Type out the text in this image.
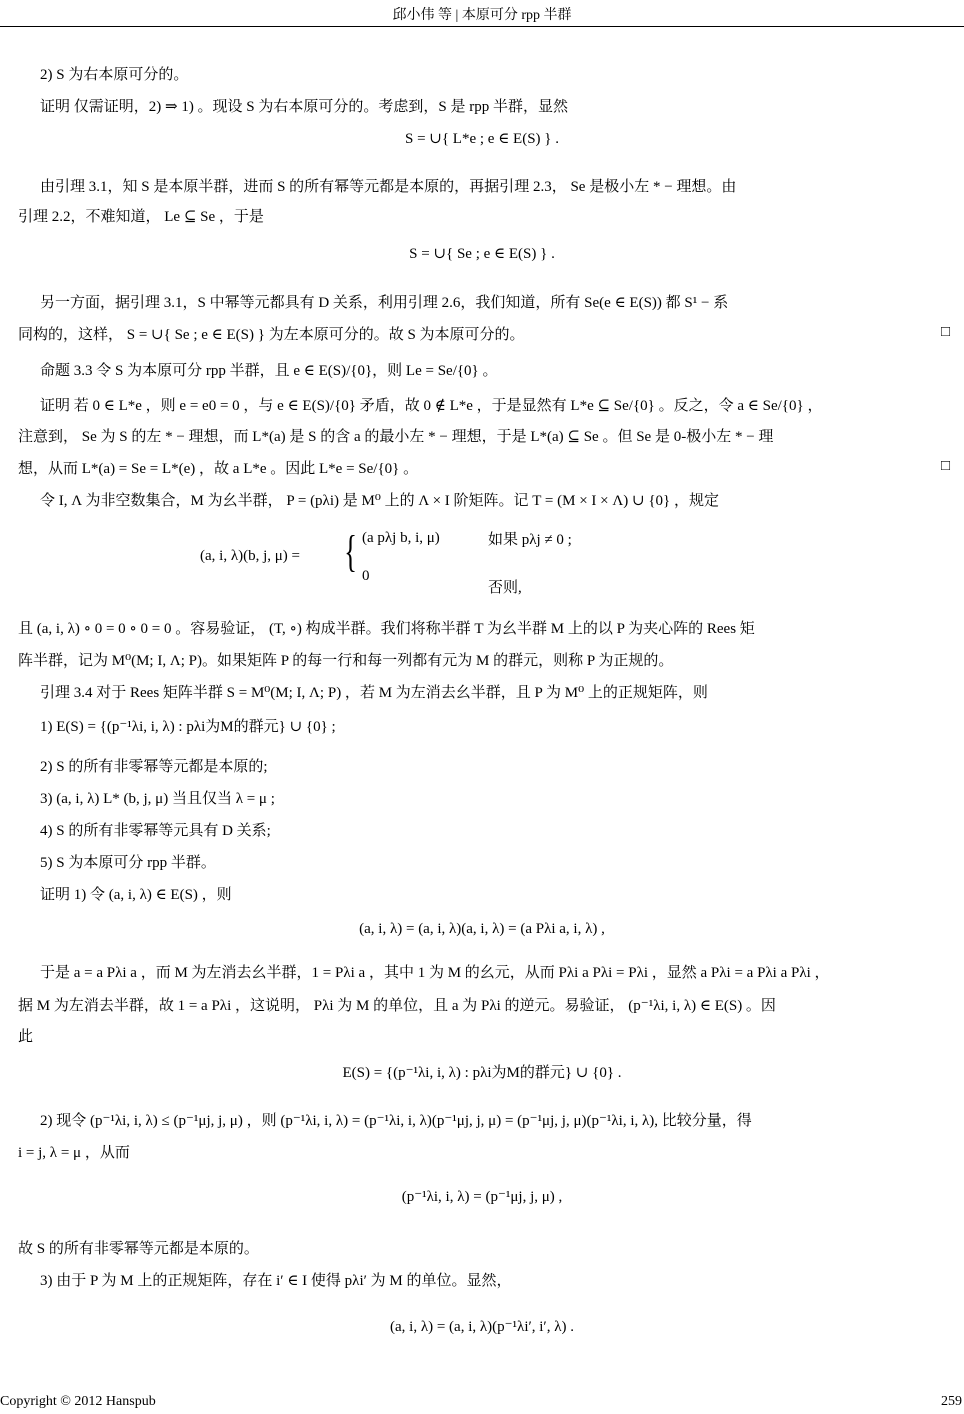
邱小伟 等 | 本原可分 rpp 半群
2) S 为右本原可分的。
证明 仅需证明，2) ⇒ 1) 。现设 S 为右本原可分的。考虑到，S 是 rpp 半群，显然
S = ∪{ L*e ; e ∈ E(S) } .
由引理 3.1，知 S 是本原半群，进而 S 的所有幂等元都是本原的，再据引理 2.3， Se 是极小左 * − 理想。由
引理 2.2，不难知道， Le ⊆ Se ，于是
S = ∪{ Se ; e ∈ E(S) } .
另一方面，据引理 3.1，S 中幂等元都具有 D 关系，利用引理 2.6，我们知道，所有 Se(e ∈ E(S)) 都 S¹ − 系
同构的，这样， S = ∪{ Se ; e ∈ E(S) } 为左本原可分的。故 S 为本原可分的。	□
命题 3.3 令 S 为本原可分 rpp 半群，且 e ∈ E(S)/{0}，则 Le = Se/{0} 。
证明 若 0 ∈ L*e ，则 e = e0 = 0 ，与 e ∈ E(S)/{0} 矛盾，故 0 ∉ L*e ，于是显然有 L*e ⊆ Se/{0} 。反之，令 a ∈ Se/{0} ，
注意到， Se 为 S 的左 * − 理想，而 L*(a) 是 S 的含 a 的最小左 * − 理想，于是 L*(a) ⊆ Se 。但 Se 是 0-极小左 * − 理
想，从而 L*(a) = Se = L*(e) ，故 a L*e 。因此 L*e = Se/{0} 。	□
令 I, Λ 为非空数集合，M 为幺半群， P = (pλi) 是 M⁰ 上的 Λ × I 阶矩阵。记 T = (M × I × Λ) ∪ {0} ，规定
(a, i, λ)(b, j, μ) = { (a pλj b, i, μ)	如果 pλj ≠ 0 ;
0
否则,
且 (a, i, λ) ∘ 0 = 0 ∘ 0 = 0 。容易验证， (T, ∘) 构成半群。我们将称半群 T 为幺半群 M 上的以 P 为夹心阵的 Rees 矩
阵半群，记为 M⁰(M; I, Λ; P)。如果矩阵 P 的每一行和每一列都有元为 M 的群元，则称 P 为正规的。
引理 3.4 对于 Rees 矩阵半群 S = M⁰(M; I, Λ; P) ，若 M 为左消去幺半群，且 P 为 M⁰ 上的正规矩阵，则
1) E(S) = {(p⁻¹λi, i, λ) : pλi为M的群元} ∪ {0} ;
2) S 的所有非零幂等元都是本原的;
3) (a, i, λ) L* (b, j, μ) 当且仅当 λ = μ ;
4) S 的所有非零幂等元具有 D 关系;
5) S 为本原可分 rpp 半群。
证明 1) 令 (a, i, λ) ∈ E(S) ，则
(a, i, λ) = (a, i, λ)(a, i, λ) = (a Pλi a, i, λ) ,
于是 a = a Pλi a ，而 M 为左消去幺半群，1 = Pλi a ，其中 1 为 M 的幺元，从而 Pλi a Pλi = Pλi ，显然 a Pλi = a Pλi a Pλi ，
据 M 为左消去半群，故 1 = a Pλi ，这说明， Pλi 为 M 的单位，且 a 为 Pλi 的逆元。易验证， (p⁻¹λi, i, λ) ∈ E(S) 。因
此
E(S) = {(p⁻¹λi, i, λ) : pλi为M的群元} ∪ {0} .
2) 现令 (p⁻¹λi, i, λ) ≤ (p⁻¹μj, j, μ) ，则 (p⁻¹λi, i, λ) = (p⁻¹λi, i, λ)(p⁻¹μj, j, μ) = (p⁻¹μj, j, μ)(p⁻¹λi, i, λ), 比较分量，得
i = j, λ = μ ，从而
(p⁻¹λi, i, λ) = (p⁻¹μj, j, μ) ,
故 S 的所有非零幂等元都是本原的。
3) 由于 P 为 M 上的正规矩阵，存在 i′ ∈ I 使得 pλi′ 为 M 的单位。显然，
(a, i, λ) = (a, i, λ)(p⁻¹λi′, i′, λ) .
Copyright © 2012 Hanspub	259
